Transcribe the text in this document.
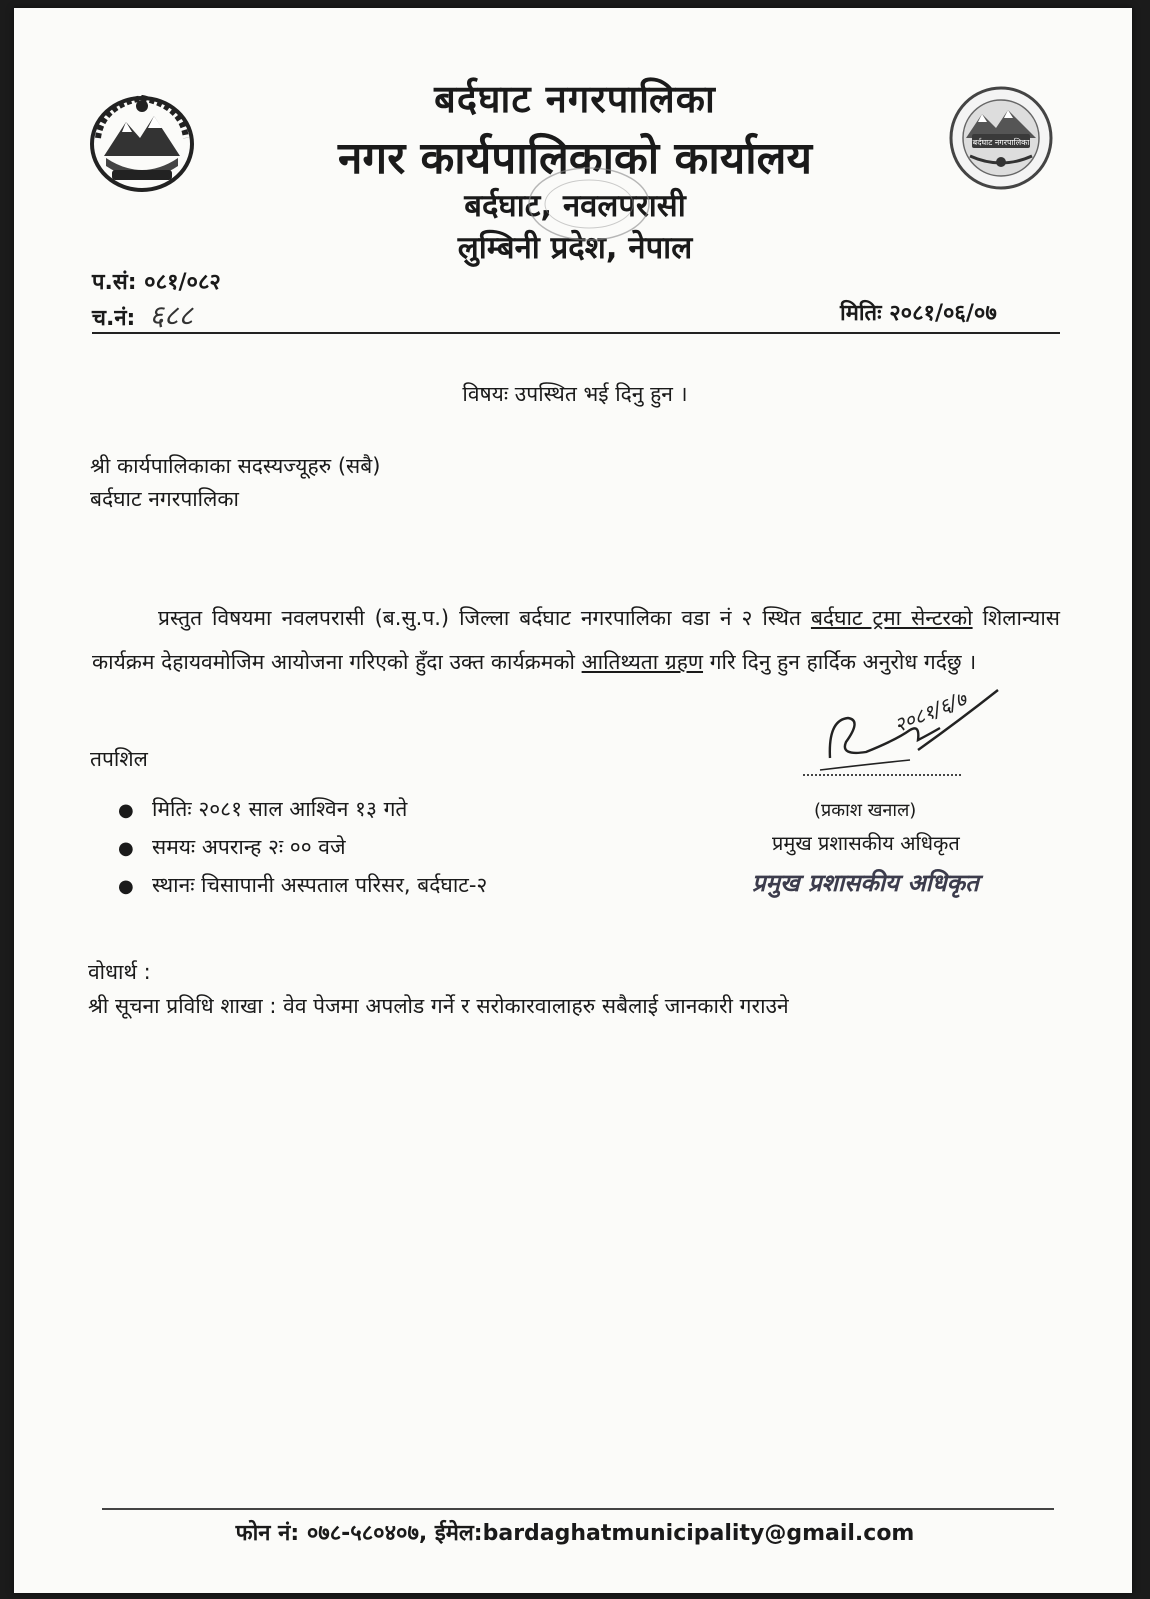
बर्दघाट नगरपालिका
बर्दघाट नगरपालिका
नगर कार्यपालिकाको कार्यालय
बर्दघाट, नवलपरासी
लुम्बिनी प्रदेश, नेपाल
प.सं: ०८१/०८२
च.नं: ६८८	मितिः २०८१/०६/०७
विषयः उपस्थित भई दिनु हुन ।
श्री कार्यपालिकाका सदस्यज्यूहरु (सबै)
बर्दघाट नगरपालिका
प्रस्तुत विषयमा नवलपरासी (ब.सु.प.) जिल्ला बर्दघाट नगरपालिका वडा नं २ स्थित बर्दघाट ट्रमा सेन्टरको शिलान्यास कार्यक्रम देहायवमोजिम आयोजना गरिएको हुँदा उक्त कार्यक्रमको आतिथ्यता ग्रहण गरि दिनु हुन हार्दिक अनुरोध गर्दछु ।
तपशिल
● मितिः २०८१ साल आश्विन १३ गते
● समयः अपरान्ह २ः ०० वजे
● स्थानः चिसापानी अस्पताल परिसर, बर्दघाट-२
२०८१/६/७
(प्रकाश खनाल)
प्रमुख प्रशासकीय अधिकृत
प्रमुख प्रशासकीय अधिकृत
वोधार्थ :
श्री सूचना प्रविधि शाखा : वेव पेजमा अपलोड गर्ने र सरोकारवालाहरु सबैलाई जानकारी गराउने
फोन नं: ०७८-५८०४०७, ईमेल:bardaghatmunicipality@gmail.com
